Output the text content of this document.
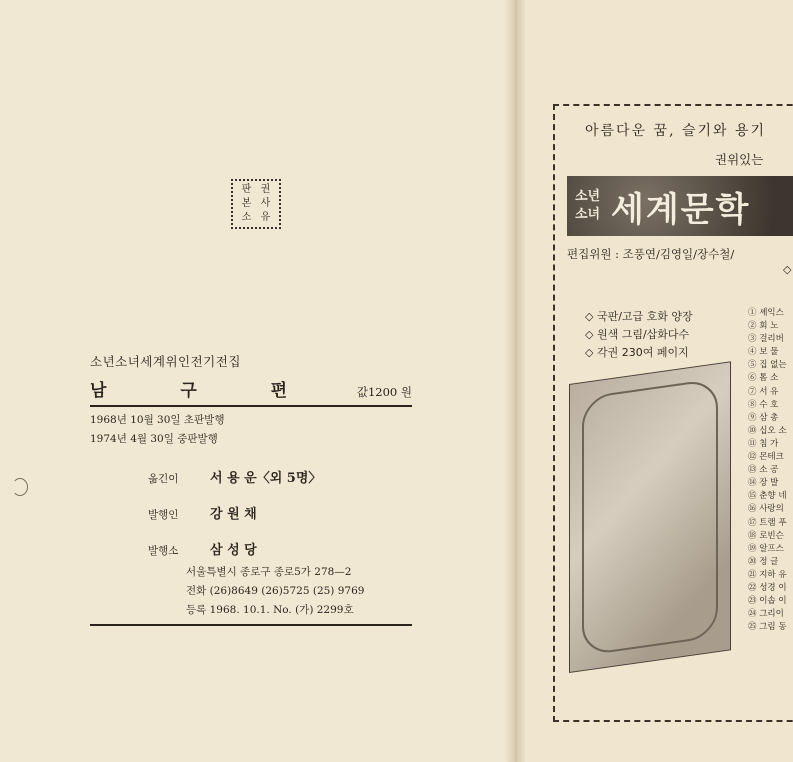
판 권
본 사
소 유
소년소녀세계위인전기전집
남 구 편	값1200 원
1968년 10월 30일 초판발행
1974년 4월 30일 중판발행
옮긴이	서 용 운〈외 5명〉
발행인	강 원 채
발행소	삼 성 당
서울특별시 종로구 종로5가 278—2
전화 (26)8649 (26)5725 (25) 9769
등록 1968. 10.1. No. (가) 2299호
아름다운 꿈, 슬기와 용기
권위있는
소년
소녀 세계문학
편집위원 : 조풍연/김영일/장수철/
◇
◇ 국판/고급 호화 양장
◇ 원색 그림/삽화다수
◇ 각권 230여 페이지
① 셰익스
② 회 노
③ 걸리버
④ 보 물
⑤ 집 없는
⑥ 톰 소
⑦ 서 유
⑧ 수 호
⑨ 삼 총
⑩ 십오 소
⑪ 침 가
⑫ 몬테크
⑬ 소 공
⑭ 장 발
⑮ 춘향 네
⑯ 사랑의
⑰ 트램 푸
⑱ 로빈슨
⑲ 알프스
⑳ 정 글
㉑ 지하 유
㉒ 성경 이
㉓ 이솝 이
㉔ 그리이
㉕ 그림 동
